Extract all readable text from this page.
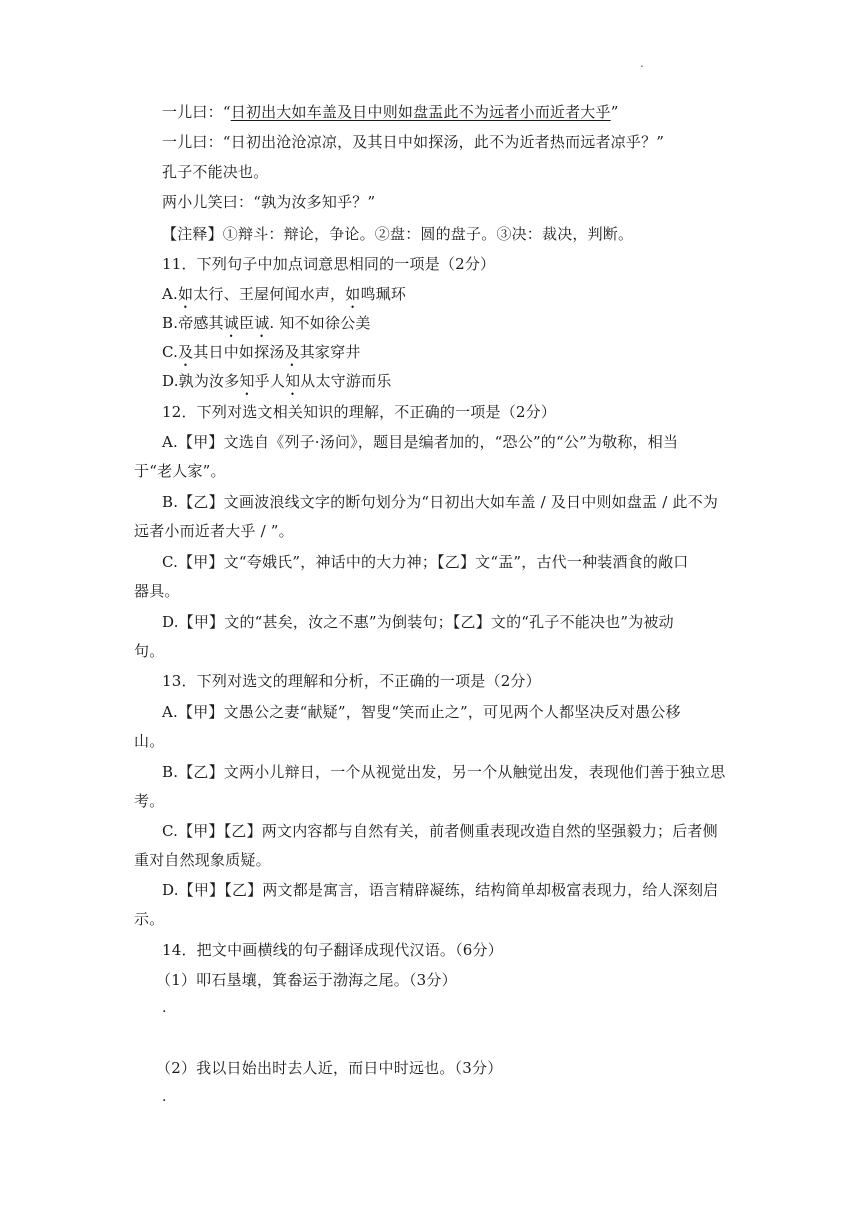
.
一儿曰：“日初出大如车盖及日中则如盘盂此不为远者小而近者大乎”
一儿曰：“日初出沧沧凉凉，及其日中如探汤，此不为近者热而远者凉乎？”
孔子不能决也。
两小儿笑曰：“孰为汝多知乎？”
【注释】①辩斗：辩论，争论。②盘：圆的盘子。③决：裁决，判断。
11．下列句子中加点词意思相同的一项是（2分）
A.如太行、王屋何闻水声，如鸣珮环
B.帝感其诚臣诚. 知不如徐公美
C.及其日中如探汤及其家穿井
D.孰为汝多知乎人知从太守游而乐
12．下列对选文相关知识的理解，不正确的一项是（2分）
A.【甲】文选自《列子·汤问》，题目是编者加的，“恐公”的“公”为敬称，相当
于“老人家”。
B.【乙】文画波浪线文字的断句划分为“日初出大如车盖 / 及日中则如盘盂 / 此不为
远者小而近者大乎 / ”。
C.【甲】文“夸娥氏”，神话中的大力神；【乙】文“盂”，古代一种装酒食的敞口
器具。
D.【甲】文的“甚矣，汝之不惠”为倒装句；【乙】文的“孔子不能决也”为被动
句。
13．下列对选文的理解和分析，不正确的一项是（2分）
A.【甲】文愚公之妻“献疑”，智叟“笑而止之”，可见两个人都坚决反对愚公移
山。
B.【乙】文两小儿辩日，一个从视觉出发，另一个从触觉出发，表现他们善于独立思
考。
C.【甲】【乙】两文内容都与自然有关，前者侧重表现改造自然的坚强毅力；后者侧
重对自然现象质疑。
D.【甲】【乙】两文都是寓言，语言精辟凝练，结构简单却极富表现力，给人深刻启
示。
14．把文中画横线的句子翻译成现代汉语。（6分）
（1）叩石垦壤，箕畚运于渤海之尾。（3分）
.
（2）我以日始出时去人近，而日中时远也。（3分）
.
